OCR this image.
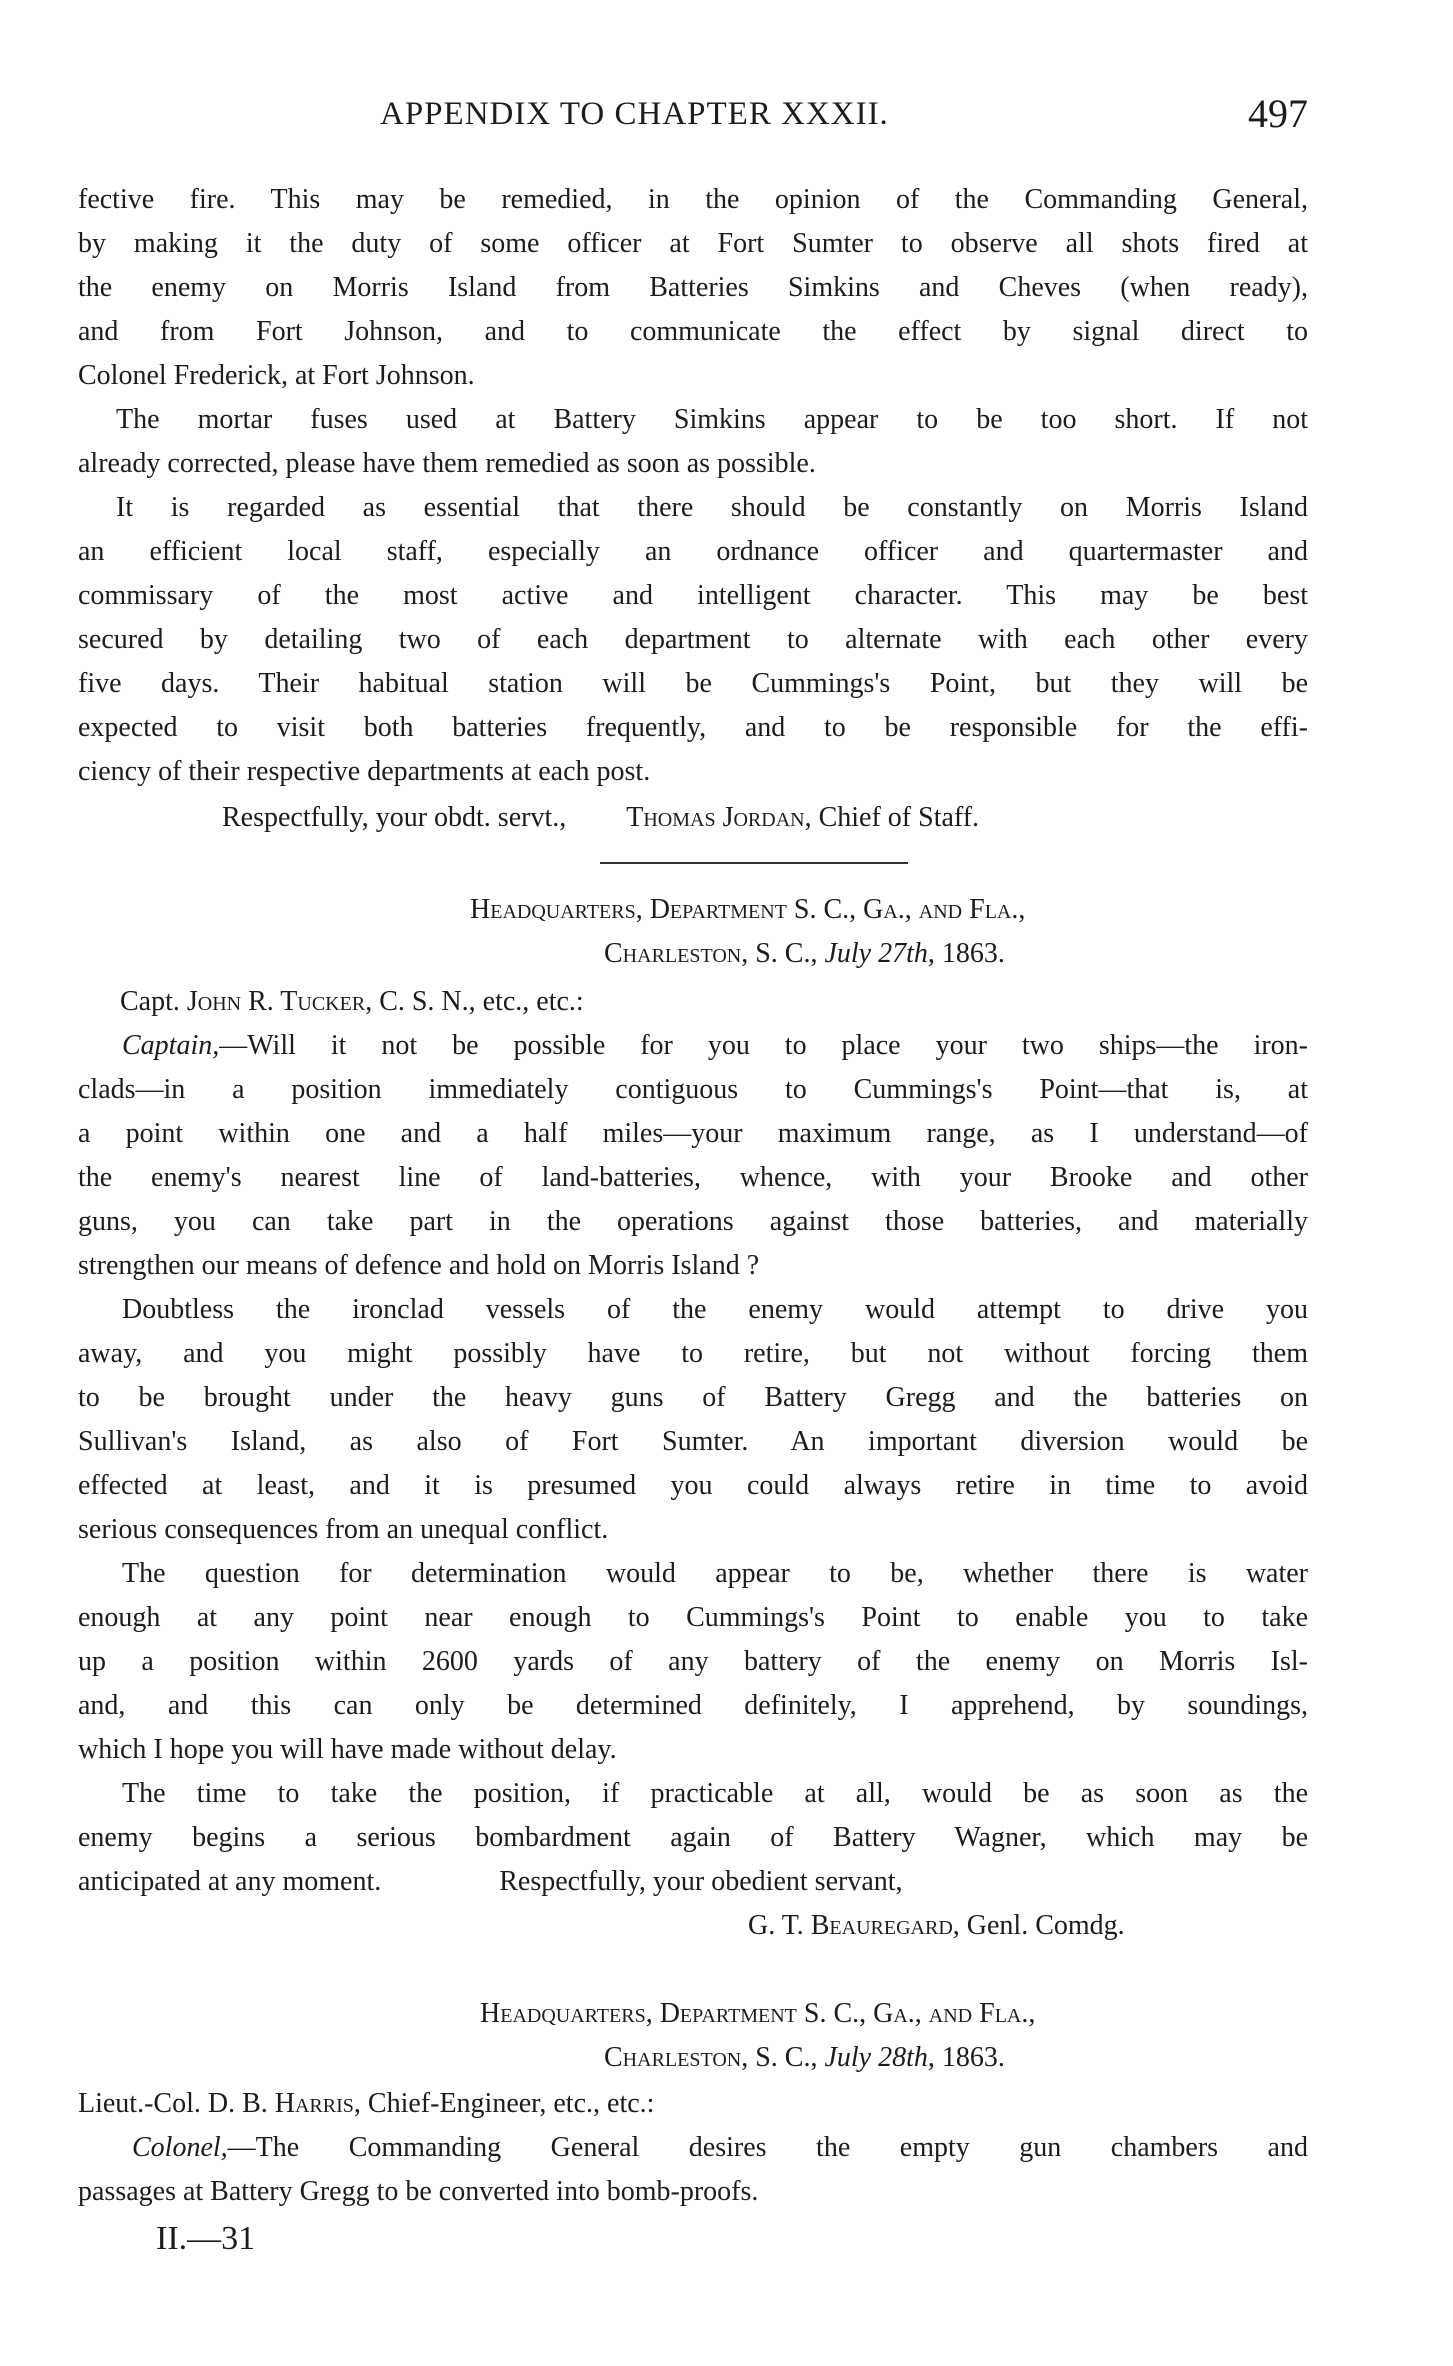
APPENDIX TO CHAPTER XXXII.	497
fective fire. This may be remedied, in the opinion of the Commanding General,
by making it the duty of some officer at Fort Sumter to observe all shots fired at
the enemy on Morris Island from Batteries Simkins and Cheves (when ready),
and from Fort Johnson, and to communicate the effect by signal direct to
Colonel Frederick, at Fort Johnson.
The mortar fuses used at Battery Simkins appear to be too short. If not
already corrected, please have them remedied as soon as possible.
It is regarded as essential that there should be constantly on Morris Island
an efficient local staff, especially an ordnance officer and quartermaster and
commissary of the most active and intelligent character. This may be best
secured by detailing two of each department to alternate with each other every
five days. Their habitual station will be Cummings's Point, but they will be
expected to visit both batteries frequently, and to be responsible for the effi-
ciency of their respective departments at each post.
Respectfully, your obdt. servt., Thomas Jordan, Chief of Staff.
Headquarters, Department S. C., Ga., and Fla.,
Charleston, S. C., July 27th, 1863.
Capt. John R. Tucker, C. S. N., etc., etc.:
Captain,—Will it not be possible for you to place your two ships—the iron-
clads—in a position immediately contiguous to Cummings's Point—that is, at
a point within one and a half miles—your maximum range, as I understand—of
the enemy's nearest line of land-batteries, whence, with your Brooke and other
guns, you can take part in the operations against those batteries, and materially
strengthen our means of defence and hold on Morris Island ?
Doubtless the ironclad vessels of the enemy would attempt to drive you
away, and you might possibly have to retire, but not without forcing them
to be brought under the heavy guns of Battery Gregg and the batteries on
Sullivan's Island, as also of Fort Sumter. An important diversion would be
effected at least, and it is presumed you could always retire in time to avoid
serious consequences from an unequal conflict.
The question for determination would appear to be, whether there is water
enough at any point near enough to Cummings's Point to enable you to take
up a position within 2600 yards of any battery of the enemy on Morris Isl-
and, and this can only be determined definitely, I apprehend, by soundings,
which I hope you will have made without delay.
The time to take the position, if practicable at all, would be as soon as the
enemy begins a serious bombardment again of Battery Wagner, which may be
anticipated at any moment.	Respectfully, your obedient servant,
G. T. Beauregard, Genl. Comdg.
Headquarters, Department S. C., Ga., and Fla.,
Charleston, S. C., July 28th, 1863.
Lieut.-Col. D. B. Harris, Chief-Engineer, etc., etc.:
Colonel,—The Commanding General desires the empty gun chambers and
passages at Battery Gregg to be converted into bomb-proofs.
II.—31
